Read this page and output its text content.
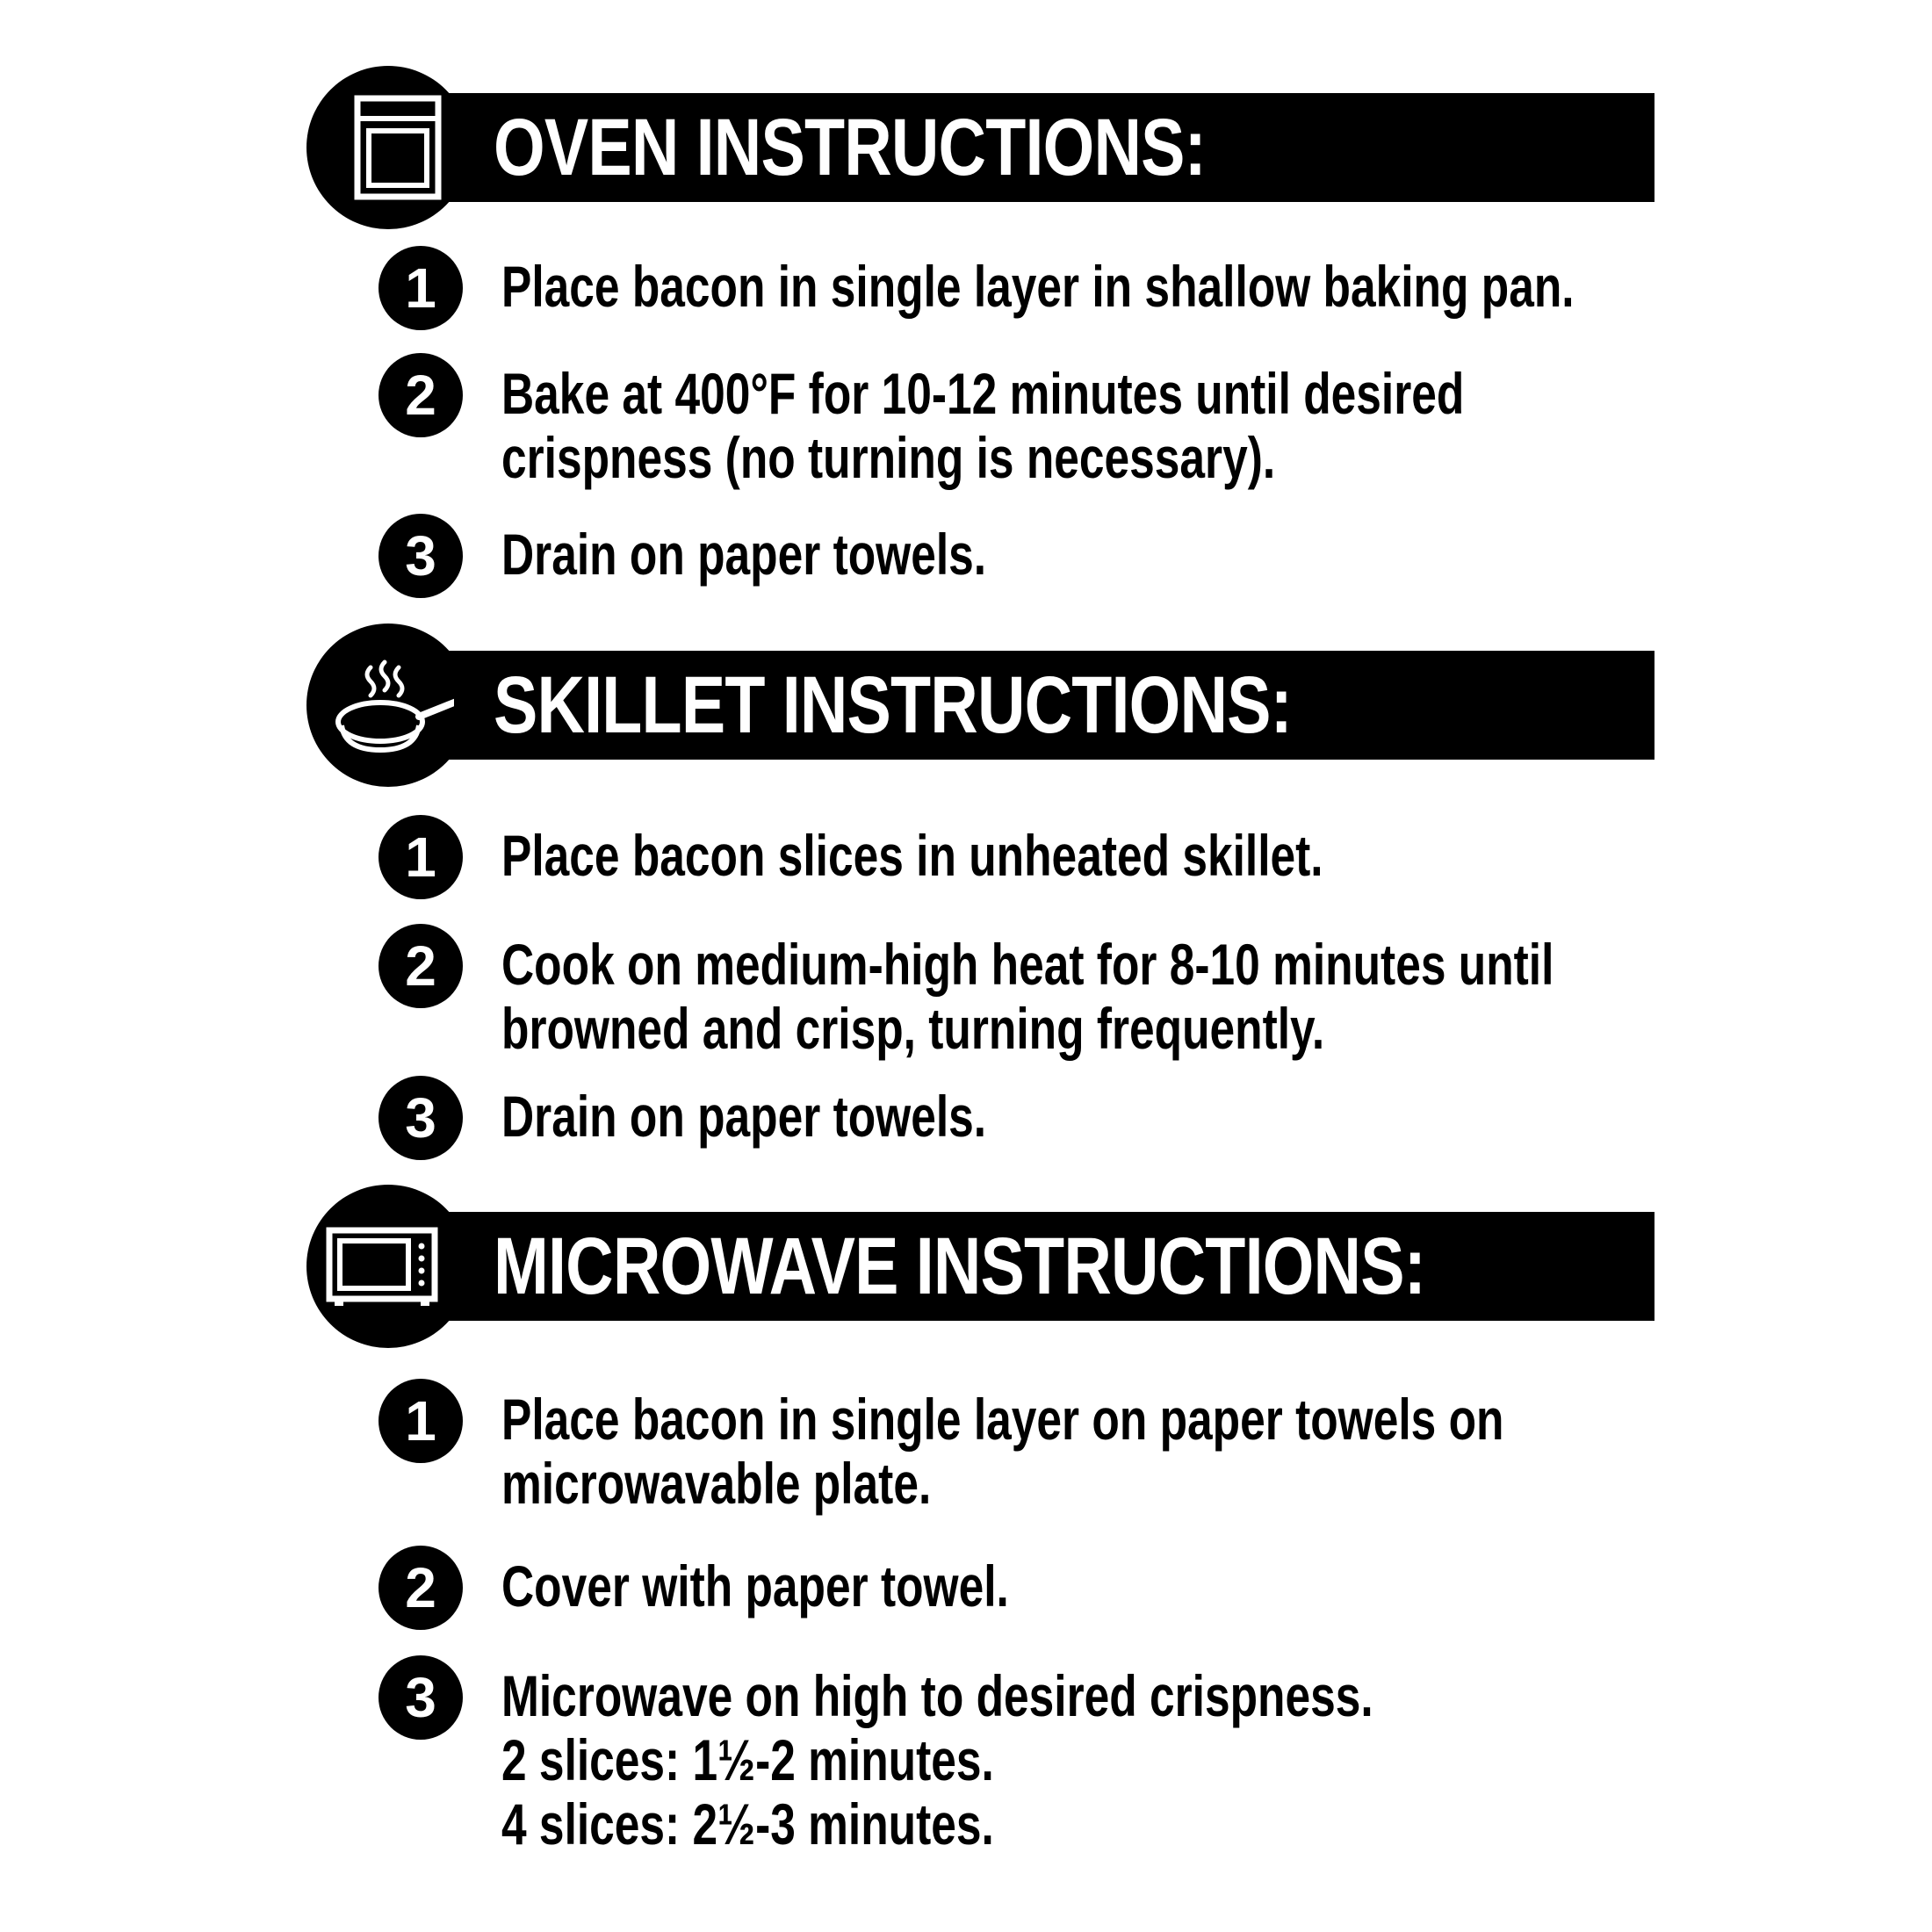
OVEN INSTRUCTIONS:
1	Place bacon in single layer in shallow baking pan.
2	Bake at 400°F for 10-12 minutes until desired
crispness (no turning is necessary).
3	Drain on paper towels.
SKILLET INSTRUCTIONS:
1	Place bacon slices in unheated skillet.
2	Cook on medium-high heat for 8-10 minutes until
browned and crisp, turning frequently.
3	Drain on paper towels.
MICROWAVE INSTRUCTIONS:
1	Place bacon in single layer on paper towels on
microwavable plate.
2	Cover with paper towel.
3	Microwave on high to desired crispness.
2 slices: 1½-2 minutes.
4 slices: 2½-3 minutes.
